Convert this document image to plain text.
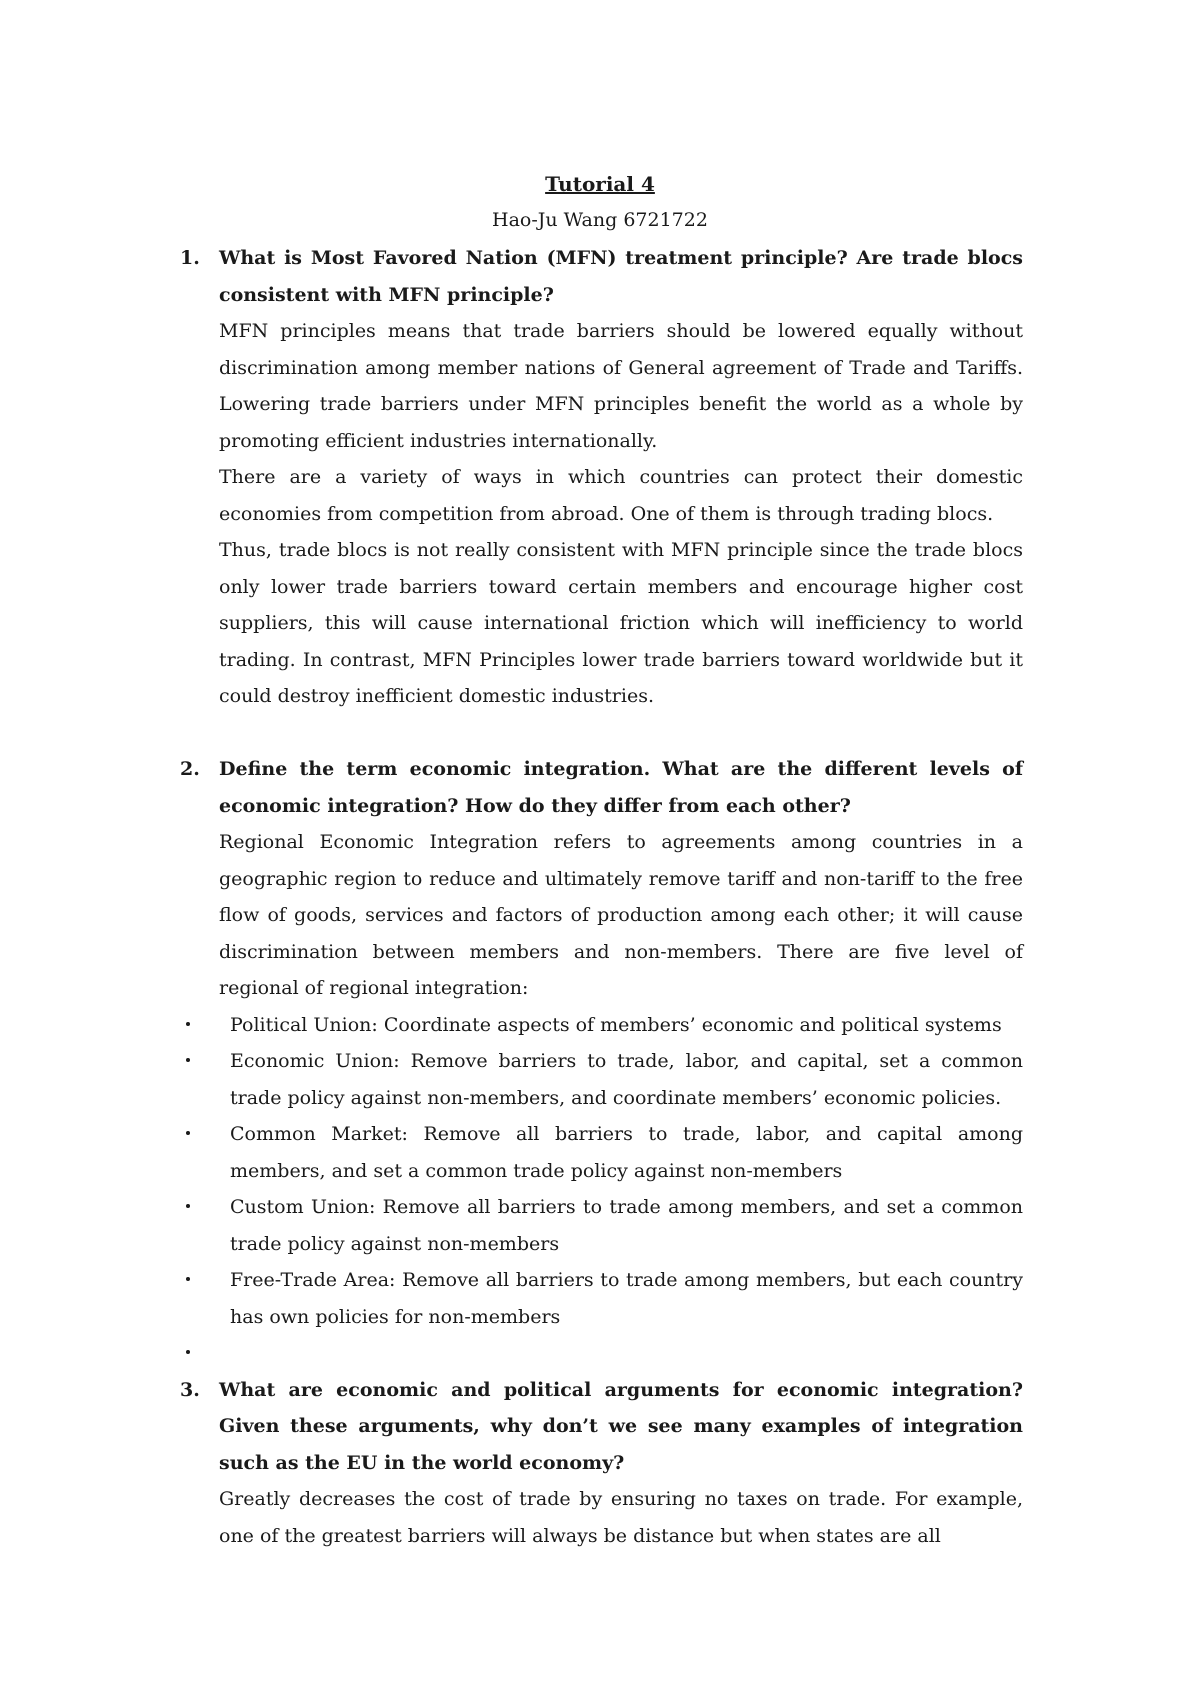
Tutorial 4
Hao-Ju Wang 6721722
1. What is Most Favored Nation (MFN) treatment principle? Are trade blocs consistent with MFN principle?
MFN principles means that trade barriers should be lowered equally without discrimination among member nations of General agreement of Trade and Tariffs. Lowering trade barriers under MFN principles benefit the world as a whole by promoting efficient industries internationally.
There are a variety of ways in which countries can protect their domestic economies from competition from abroad. One of them is through trading blocs.
Thus, trade blocs is not really consistent with MFN principle since the trade blocs only lower trade barriers toward certain members and encourage higher cost suppliers, this will cause international friction which will inefficiency to world trading. In contrast, MFN Principles lower trade barriers toward worldwide but it could destroy inefficient domestic industries.
2. Define the term economic integration. What are the different levels of economic integration? How do they differ from each other?
Regional Economic Integration refers to agreements among countries in a geographic region to reduce and ultimately remove tariff and non-tariff to the free flow of goods, services and factors of production among each other; it will cause discrimination between members and non-members. There are five level of regional of regional integration:
Political Union: Coordinate aspects of members’ economic and political systems
Economic Union: Remove barriers to trade, labor, and capital, set a common trade policy against non-members, and coordinate members’ economic policies.
Common Market: Remove all barriers to trade, labor, and capital among members, and set a common trade policy against non-members
Custom Union: Remove all barriers to trade among members, and set a common trade policy against non-members
Free-Trade Area: Remove all barriers to trade among members, but each country has own policies for non-members

3. What are economic and political arguments for economic integration? Given these arguments, why don’t we see many examples of integration such as the EU in the world economy?
Greatly decreases the cost of trade by ensuring no taxes on trade. For example, one of the greatest barriers will always be distance but when states are all
